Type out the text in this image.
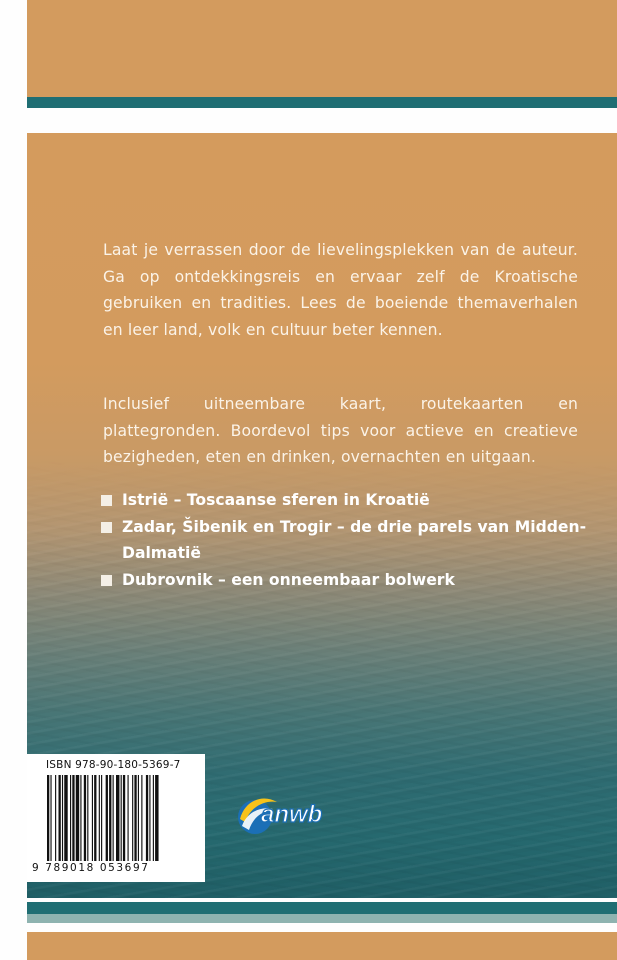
Laat je verrassen door de lievelingsplekken van de auteur. Ga op ontdekkingsreis en ervaar zelf de Kroatische gebruiken en tradities. Lees de boeiende themaverhalen en leer land, volk en cultuur beter kennen.

Inclusief uitneembare kaart, routekaarten en plattegronden. Boordevol tips voor actieve en creatieve bezigheden, eten en drinken, overnachten en uitgaan.

Istrië – Toscaanse sferen in Kroatië
Zadar, Šibenik en Trogir – de drie parels van Midden-Dalmatië
Dubrovnik – een onneembaar bolwerk
ISBN 978-90-180-5369-7
9 789018 053697
anwb
